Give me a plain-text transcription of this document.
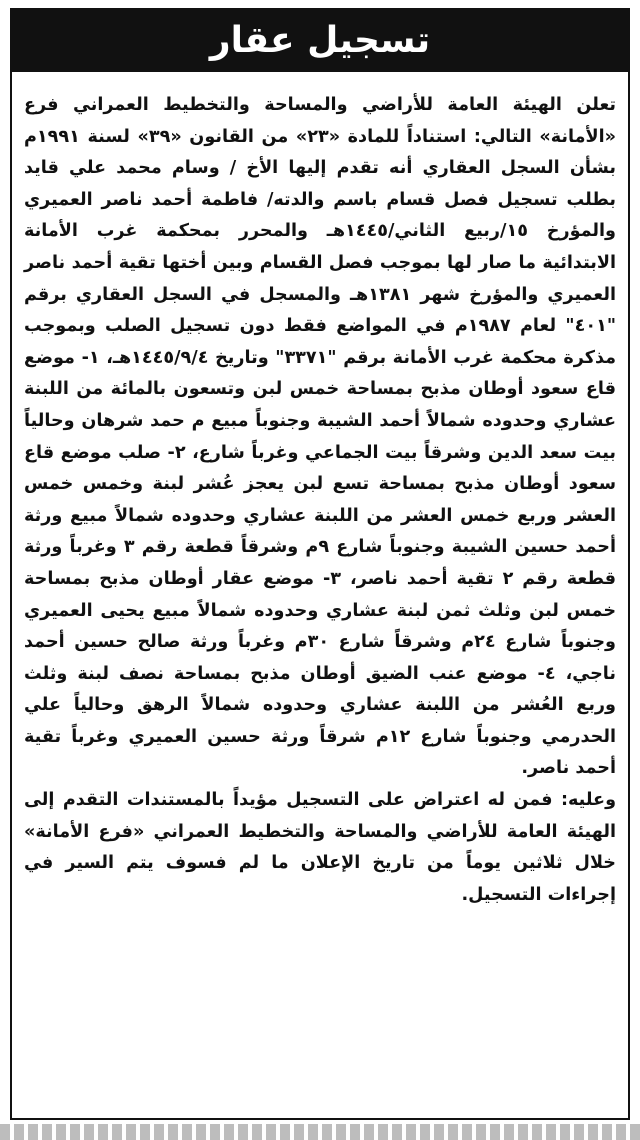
تسجيل عقار

تعلن الهيئة العامة للأراضي والمساحة والتخطيط العمراني فرع «الأمانة» التالي: استناداً للمادة «٢٣» من القانون «٣٩» لسنة ١٩٩١م بشأن السجل العقاري أنه تقدم إليها الأخ / وسام محمد علي قايد بطلب تسجيل فصل قسام باسم والدته/ فاطمة أحمد ناصر العميري والمؤرخ ١٥/ربيع الثاني/١٤٤٥هـ والمحرر بمحكمة غرب الأمانة الابتدائية ما صار لها بموجب فصل القسام وبين أختها تقية أحمد ناصر العميري والمؤرخ شهر ١٣٨١هـ والمسجل في السجل العقاري برقم "٤٠١" لعام ١٩٨٧م في المواضع فقط دون تسجيل الصلب وبموجب مذكرة محكمة غرب الأمانة برقم "٣٣٧١" وتاريخ ١٤٤٥/٩/٤هـ، ١- موضع قاع سعود أوطان مذبح بمساحة خمس لبن وتسعون بالمائة من اللبنة عشاري وحدوده شمالاً أحمد الشيبة وجنوباً مبيع م حمد شرهان وحالياً بيت سعد الدين وشرقاً بيت الجماعي وغرباً شارع، ٢- صلب موضع قاع سعود أوطان مذبح بمساحة تسع لبن يعجز عُشر لبنة وخمس خمس العشر وربع خمس العشر من اللبنة عشاري وحدوده شمالاً مبيع ورثة أحمد حسين الشيبة وجنوباً شارع ٩م وشرقاً قطعة رقم ٣ وغرباً ورثة قطعة رقم ٢ تقية أحمد ناصر، ٣- موضع عقار أوطان مذبح بمساحة خمس لبن وثلث ثمن لبنة عشاري وحدوده شمالاً مبيع يحيى العميري وجنوباً شارع ٢٤م وشرقاً شارع ٣٠م وغرباً ورثة صالح حسين أحمد ناجي، ٤- موضع عنب الضيق أوطان مذبح بمساحة نصف لبنة وثلث وربع العُشر من اللبنة عشاري وحدوده شمالاً الرهق وحالياً علي الحدرمي وجنوباً شارع ١٢م شرقاً ورثة حسين العميري وغرباً تقية أحمد ناصر.

وعليه: فمن له اعتراض على التسجيل مؤيداً بالمستندات التقدم إلى الهيئة العامة للأراضي والمساحة والتخطيط العمراني «فرع الأمانة» خلال ثلاثين يوماً من تاريخ الإعلان ما لم فسوف يتم السير في إجراءات التسجيل.
